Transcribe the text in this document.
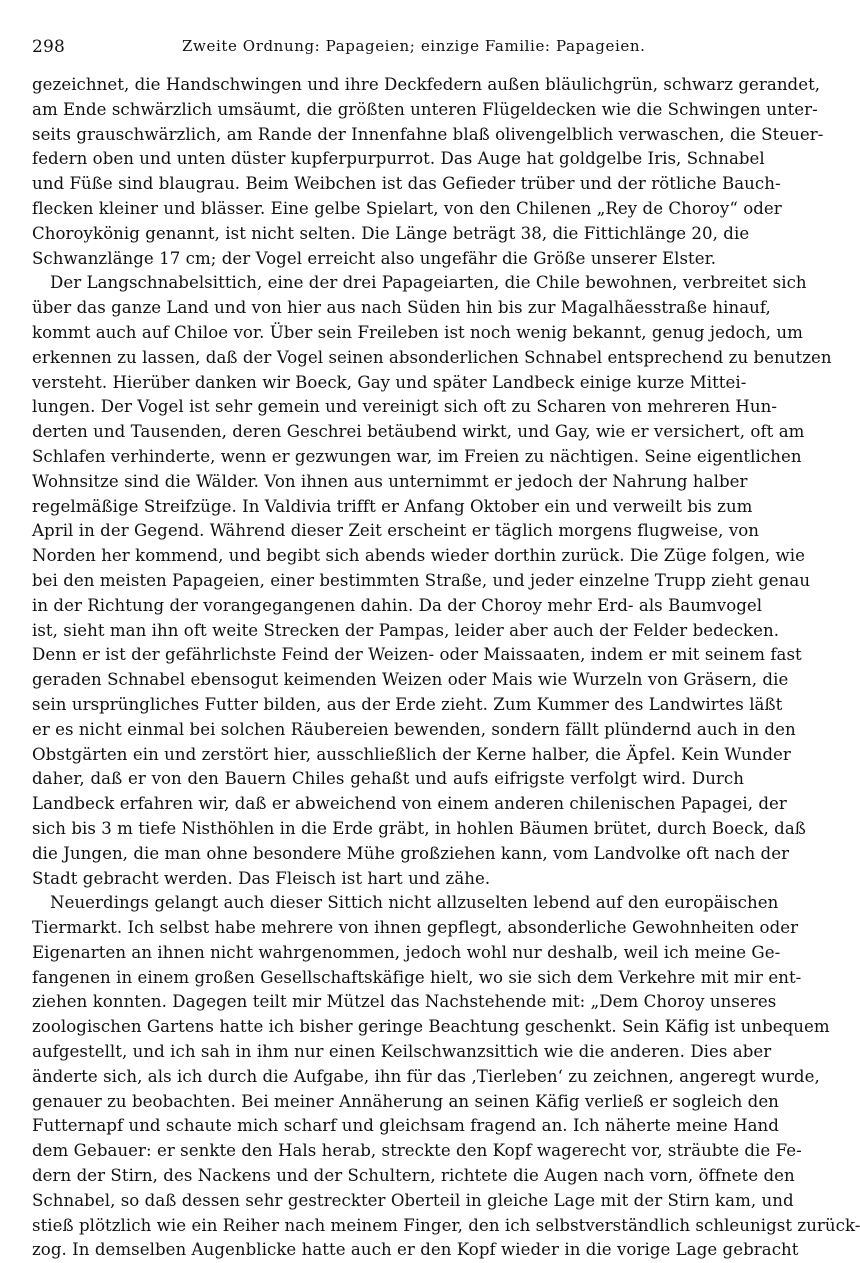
298	Zweite Ordnung: Papageien; einzige Familie: Papageien.
gezeichnet, die Handschwingen und ihre Deckfedern außen bläulichgrün, schwarz gerandet,
am Ende schwärzlich umsäumt, die größten unteren Flügeldecken wie die Schwingen unter-
seits grauschwärzlich, am Rande der Innenfahne blaß olivengelblich verwaschen, die Steuer-
federn oben und unten düster kupferpurpurrot. Das Auge hat goldgelbe Iris, Schnabel
und Füße sind blaugrau. Beim Weibchen ist das Gefieder trüber und der rötliche Bauch-
flecken kleiner und blässer. Eine gelbe Spielart, von den Chilenen „Rey de Choroy“ oder
Choroykönig genannt, ist nicht selten. Die Länge beträgt 38, die Fittichlänge 20, die
Schwanzlänge 17 cm; der Vogel erreicht also ungefähr die Größe unserer Elster.
Der Langschnabelsittich, eine der drei Papageiarten, die Chile bewohnen, verbreitet sich
über das ganze Land und von hier aus nach Süden hin bis zur Magalhãesstraße hinauf,
kommt auch auf Chiloe vor. Über sein Freileben ist noch wenig bekannt, genug jedoch, um
erkennen zu lassen, daß der Vogel seinen absonderlichen Schnabel entsprechend zu benutzen
versteht. Hierüber danken wir Boeck, Gay und später Landbeck einige kurze Mittei-
lungen. Der Vogel ist sehr gemein und vereinigt sich oft zu Scharen von mehreren Hun-
derten und Tausenden, deren Geschrei betäubend wirkt, und Gay, wie er versichert, oft am
Schlafen verhinderte, wenn er gezwungen war, im Freien zu nächtigen. Seine eigentlichen
Wohnsitze sind die Wälder. Von ihnen aus unternimmt er jedoch der Nahrung halber
regelmäßige Streifzüge. In Valdivia trifft er Anfang Oktober ein und verweilt bis zum
April in der Gegend. Während dieser Zeit erscheint er täglich morgens flugweise, von
Norden her kommend, und begibt sich abends wieder dorthin zurück. Die Züge folgen, wie
bei den meisten Papageien, einer bestimmten Straße, und jeder einzelne Trupp zieht genau
in der Richtung der vorangegangenen dahin. Da der Choroy mehr Erd- als Baumvogel
ist, sieht man ihn oft weite Strecken der Pampas, leider aber auch der Felder bedecken.
Denn er ist der gefährlichste Feind der Weizen- oder Maissaaten, indem er mit seinem fast
geraden Schnabel ebensogut keimenden Weizen oder Mais wie Wurzeln von Gräsern, die
sein ursprüngliches Futter bilden, aus der Erde zieht. Zum Kummer des Landwirtes läßt
er es nicht einmal bei solchen Räubereien bewenden, sondern fällt plündernd auch in den
Obstgärten ein und zerstört hier, ausschließlich der Kerne halber, die Äpfel. Kein Wunder
daher, daß er von den Bauern Chiles gehaßt und aufs eifrigste verfolgt wird. Durch
Landbeck erfahren wir, daß er abweichend von einem anderen chilenischen Papagei, der
sich bis 3 m tiefe Nisthöhlen in die Erde gräbt, in hohlen Bäumen brütet, durch Boeck, daß
die Jungen, die man ohne besondere Mühe großziehen kann, vom Landvolke oft nach der
Stadt gebracht werden. Das Fleisch ist hart und zähe.
Neuerdings gelangt auch dieser Sittich nicht allzuselten lebend auf den europäischen
Tiermarkt. Ich selbst habe mehrere von ihnen gepflegt, absonderliche Gewohnheiten oder
Eigenarten an ihnen nicht wahrgenommen, jedoch wohl nur deshalb, weil ich meine Ge-
fangenen in einem großen Gesellschaftskäfige hielt, wo sie sich dem Verkehre mit mir ent-
ziehen konnten. Dagegen teilt mir Mützel das Nachstehende mit: „Dem Choroy unseres
zoologischen Gartens hatte ich bisher geringe Beachtung geschenkt. Sein Käfig ist unbequem
aufgestellt, und ich sah in ihm nur einen Keilschwanzsittich wie die anderen. Dies aber
änderte sich, als ich durch die Aufgabe, ihn für das ‚Tierleben‘ zu zeichnen, angeregt wurde,
genauer zu beobachten. Bei meiner Annäherung an seinen Käfig verließ er sogleich den
Futternapf und schaute mich scharf und gleichsam fragend an. Ich näherte meine Hand
dem Gebauer: er senkte den Hals herab, streckte den Kopf wagerecht vor, sträubte die Fe-
dern der Stirn, des Nackens und der Schultern, richtete die Augen nach vorn, öffnete den
Schnabel, so daß dessen sehr gestreckter Oberteil in gleiche Lage mit der Stirn kam, und
stieß plötzlich wie ein Reiher nach meinem Finger, den ich selbstverständlich schleunigst zurück-
zog. In demselben Augenblicke hatte auch er den Kopf wieder in die vorige Lage gebracht
